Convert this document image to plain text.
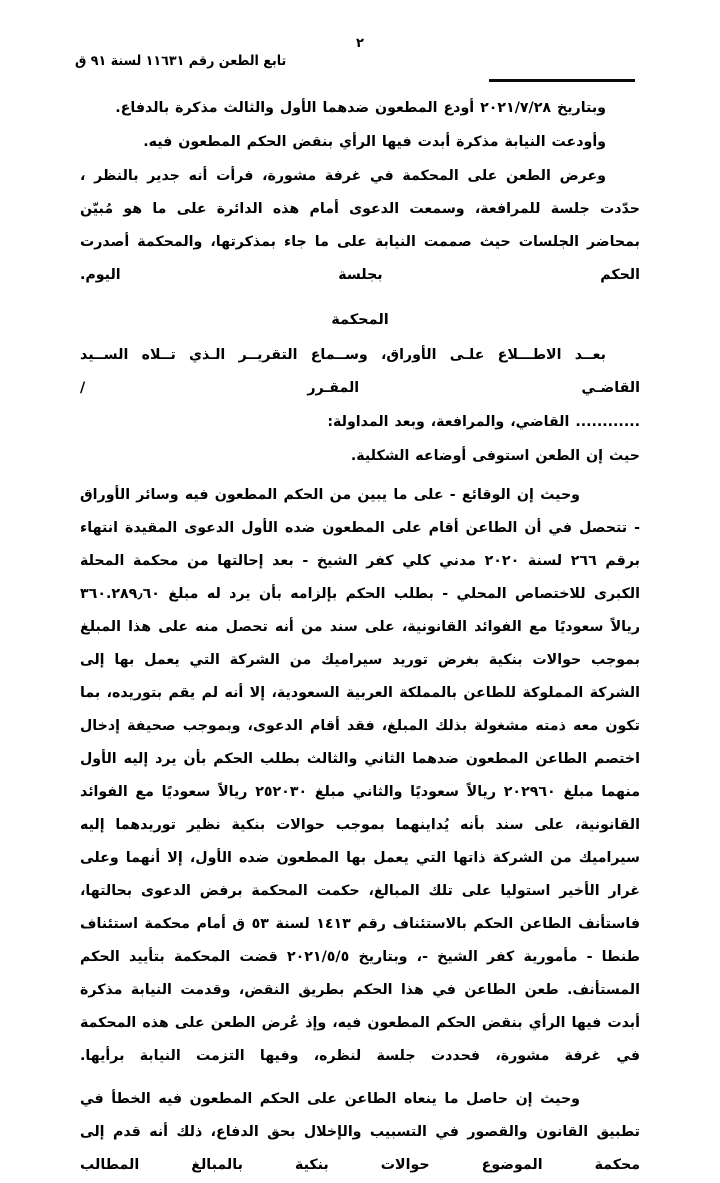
٢
تابع الطعن رقم ١١٦٣١ لسنة ٩١ ق

وبتاريخ ٢٠٢١/٧/٢٨ أودع المطعون ضدهما الأول والثالث مذكرة بالدفاع.

وأودعت النيابة مذكرة أبدت فيها الرأي بنقض الحكم المطعون فيه.

وعرض الطعن على المحكمة في غرفة مشورة، فرأت أنه جدير بالنظر ، حدّدت جلسة للمرافعة، وسمعت الدعوى أمام هذه الدائرة على ما هو مُبيّن بمحاضر الجلسات حيث صممت النيابة على ما جاء بمذكرتها، والمحكمة أصدرت الحكم بجلسة اليوم.

المحكمة

بعــد الاطـــلاع علـى الأوراق، وســماع التقريــر الـذي تــلاه الســيد القاضـي المقـرر /

............ القاضي، والمرافعة، وبعد المداولة:

حيث إن الطعن استوفى أوضاعه الشكلية.

وحيث إن الوقائع - على ما يبين من الحكم المطعون فيه وسائر الأوراق - تتحصل في أن الطاعن أقام على المطعون ضده الأول الدعوى المقيدة انتهاء برقم ٢٦٦ لسنة ٢٠٢٠ مدني كلي كفر الشيخ - بعد إحالتها من محكمة المحلة الكبرى للاختصاص المحلي - بطلب الحكم بإلزامه بأن يرد له مبلغ ٣٦٠.٢٨٩٫٦٠ ريالاً سعوديًا مع الفوائد القانونية، على سند من أنه تحصل منه على هذا المبلغ بموجب حوالات بنكية بغرض توريد سيراميك من الشركة التي يعمل بها إلى الشركة المملوكة للطاعن بالمملكة العربية السعودية، إلا أنه لم يقم بتوريده، بما تكون معه ذمته مشغولة بذلك المبلغ، فقد أقام الدعوى، وبموجب صحيفة إدخال اختصم الطاعن المطعون ضدهما الثاني والثالث بطلب الحكم بأن يرد إليه الأول منهما مبلغ ٢٠٢٩٦٠ ريالاً سعوديًا والثاني مبلغ ٢٥٢٠٣٠ ريالاً سعوديًا مع الفوائد القانونية، على سند بأنه يُداينهما بموجب حوالات بنكية نظير توريدهما إليه سيراميك من الشركة ذاتها التي يعمل بها المطعون ضده الأول، إلا أنهما وعلى غرار الأخير استوليا على تلك المبالغ، حكمت المحكمة برفض الدعوى بحالتها، فاستأنف الطاعن الحكم بالاستئناف رقم ١٤١٣ لسنة ٥٣ ق أمام محكمة استئناف طنطا - مأمورية كفر الشيخ -، وبتاريخ ٢٠٢١/٥/٥ قضت المحكمة بتأييد الحكم المستأنف. طعن الطاعن في هذا الحكم بطريق النقض، وقدمت النيابة مذكرة أبدت فيها الرأي بنقض الحكم المطعون فيه، وإذ عُرض الطعن على هذه المحكمة في غرفة مشورة، فحددت جلسة لنظره، وفيها التزمت النيابة برأيها.

وحيث إن حاصل ما ينعاه الطاعن على الحكم المطعون فيه الخطأ في تطبيق القانون والقصور في التسبيب والإخلال بحق الدفاع، ذلك أنه قدم إلى محكمة الموضوع حوالات بنكية بالمبالغ المطالب
